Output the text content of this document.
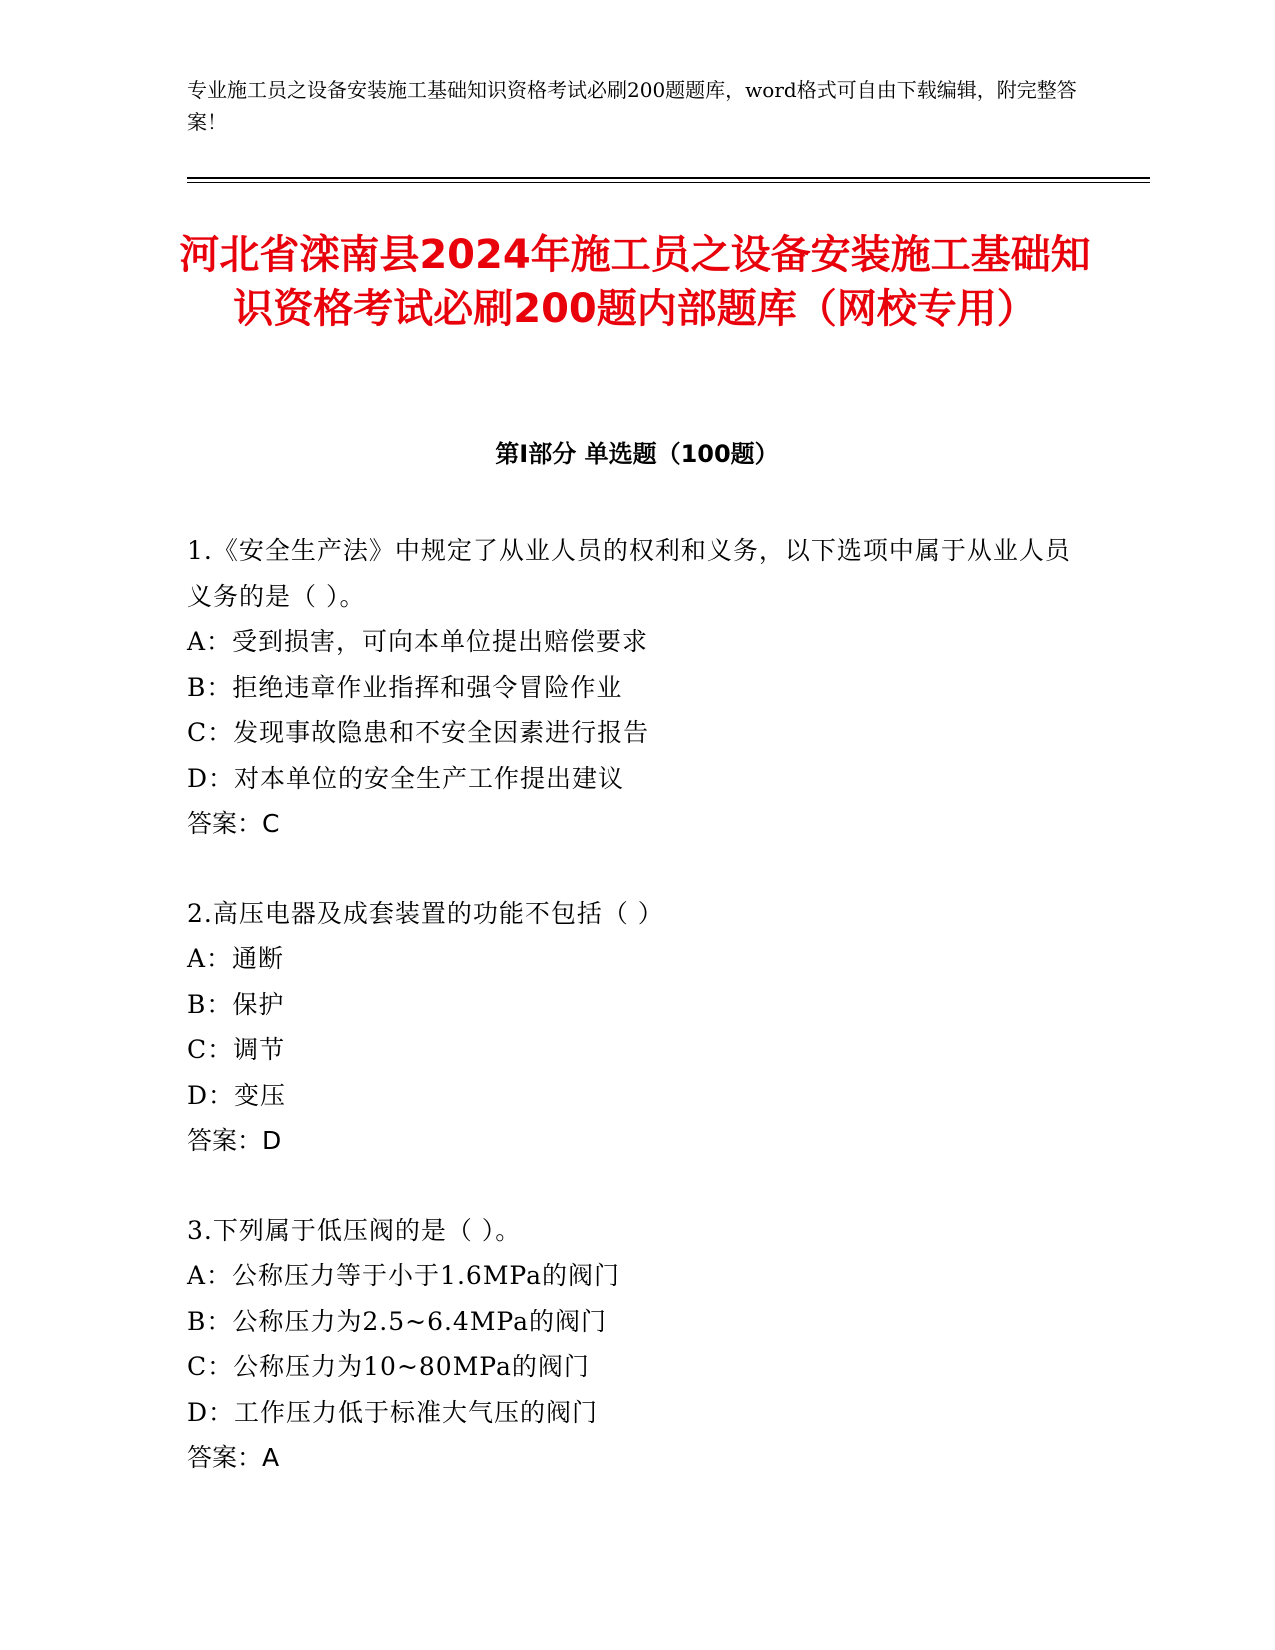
专业施工员之设备安装施工基础知识资格考试必刷200题题库，word格式可自由下载编辑，附完整答案！
河北省滦南县2024年施工员之设备安装施工基础知识资格考试必刷200题内部题库（网校专用）
第I部分 单选题（100题）
1.《安全生产法》中规定了从业人员的权利和义务，以下选项中属于从业人员义务的是（ ）。
A：受到损害，可向本单位提出赔偿要求
B：拒绝违章作业指挥和强令冒险作业
C：发现事故隐患和不安全因素进行报告
D：对本单位的安全生产工作提出建议
答案：C
2.高压电器及成套装置的功能不包括（ ）
A：通断
B：保护
C：调节
D：变压
答案：D
3.下列属于低压阀的是（ ）。
A：公称压力等于小于1.6MPa的阀门
B：公称压力为2.5~6.4MPa的阀门
C：公称压力为10~80MPa的阀门
D：工作压力低于标准大气压的阀门
答案：A
